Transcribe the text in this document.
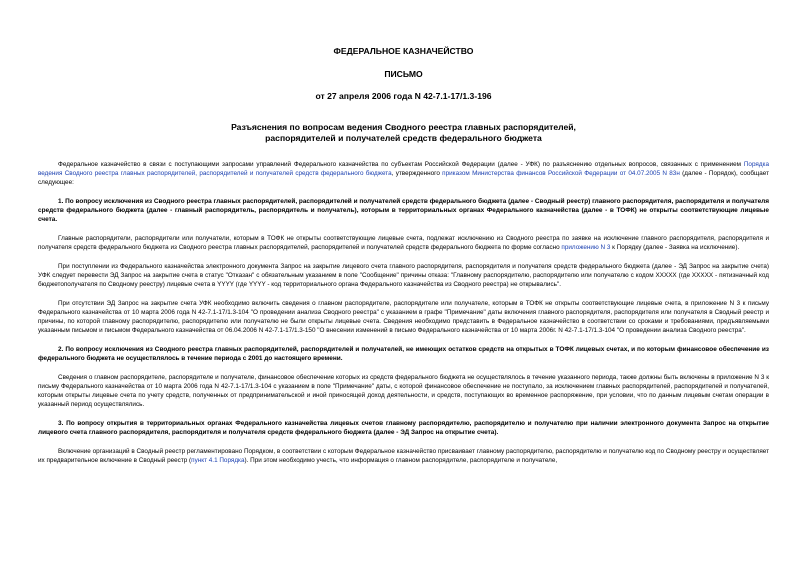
ФЕДЕРАЛЬНОЕ КАЗНАЧЕЙСТВО
ПИСЬМО
от 27 апреля 2006 года N 42-7.1-17/1.3-196
Разъяснения по вопросам ведения Сводного реестра главных распорядителей,
распорядителей и получателей средств федерального бюджета

Федеральное казначейство в связи с поступающими запросами управлений Федерального казначейства по субъектам Российской Федерации (далее - УФК) по разъяснению отдельных вопросов, связанных с применением Порядка ведения Сводного реестра главных распорядителей, распорядителей и получателей средств федерального бюджета, утвержденного приказом Министерства финансов Российской Федерации от 04.07.2005 N 83н (далее - Порядок), сообщает следующее:

1. По вопросу исключения из Сводного реестра главных распорядителей, распорядителей и получателей средств федерального бюджета (далее - Сводный реестр) главного распорядителя, распорядителя и получателя средств федерального бюджета (далее - главный распорядитель, распорядитель и получатель), которым в территориальных органах Федерального казначейства (далее - в ТОФК) не открыты соответствующие лицевые счета.

Главные распорядители, распорядители или получатели, которым в ТОФК не открыты соответствующие лицевые счета, подлежат исключению из Сводного реестра по заявке на исключение главного распорядителя, распорядителя и получателя средств федерального бюджета из Сводного реестра главных распорядителей, распорядителей и получателей средств федерального бюджета по форме согласно приложению N 3 к Порядку (далее - Заявка на исключение).

При поступлении из Федерального казначейства электронного документа Запрос на закрытие лицевого счета главного распорядителя, распорядителя и получателя средств федерального бюджета (далее - ЭД Запрос на закрытие счета) УФК следует перевести ЭД Запрос на закрытие счета в статус "Отказан" с обязательным указанием в поле "Сообщение" причины отказа: "Главному распорядителю, распорядителю или получателю с кодом XXXXX (где XXXXX - пятизначный код бюджетополучателя по Сводному реестру) лицевые счета в YYYY (где YYYY - код территориального органа Федерального казначейства из Сводного реестра) не открывались".

При отсутствии ЭД Запрос на закрытие счета УФК необходимо включить сведения о главном распорядителе, распорядителе или получателе, которым в ТОФК не открыты соответствующие лицевые счета, в приложение N 3 к письму Федерального казначейства от 10 марта 2006 года N 42-7.1-17/1.3-104 "О проведении анализа Сводного реестра" с указанием в графе "Примечание" даты включения главного распорядителя, распорядителя или получателя в Сводный реестр и причины, по которой главному распорядителю, распорядителю или получателю не были открыты лицевые счета. Сведения необходимо представить в Федеральное казначейство в соответствии со сроками и требованиями, предъявляемыми указанным письмом и письмом Федерального казначейства от 06.04.2006 N 42-7.1-17/1.3-150 "О внесении изменений в письмо Федерального казначейства от 10 марта 2006г. N 42-7.1-17/1.3-104 "О проведении анализа Сводного реестра".

2. По вопросу исключения из Сводного реестра главных распорядителей, распорядителей и получателей, не имеющих остатков средств на открытых в ТОФК лицевых счетах, и по которым финансовое обеспечение из федерального бюджета не осуществлялось в течение периода с 2001 до настоящего времени.

Сведения о главном распорядителе, распорядителе и получателе, финансовое обеспечение которых из средств федерального бюджета не осуществлялось в течение указанного периода, также должны быть включены в приложение N 3 к письму Федерального казначейства от 10 марта 2006 года N 42-7.1-17/1.3-104 с указанием в поле "Примечание" даты, с которой финансовое обеспечение не поступало, за исключением главных распорядителей, распорядителей и получателей, которым открыты лицевые счета по учету средств, полученных от предпринимательской и иной приносящей доход деятельности, и средств, поступающих во временное распоряжение, при условии, что по данным лицевым счетам операции в указанный период осуществлялись.

3. По вопросу открытия в территориальных органах Федерального казначейства лицевых счетов главному распорядителю, распорядителю и получателю при наличии электронного документа Запрос на открытие лицевого счета главного распорядителя, распорядителя и получателя средств федерального бюджета (далее - ЭД Запрос на открытие счета).

Включение организаций в Сводный реестр регламентировано Порядком, в соответствии с которым Федеральное казначейство присваивает главному распорядителю, распорядителю и получателю код по Сводному реестру и осуществляет их предварительное включение в Сводный реестр (пункт 4.1 Порядка). При этом необходимо учесть, что информация о главном распорядителе, распорядителе и получателе,
